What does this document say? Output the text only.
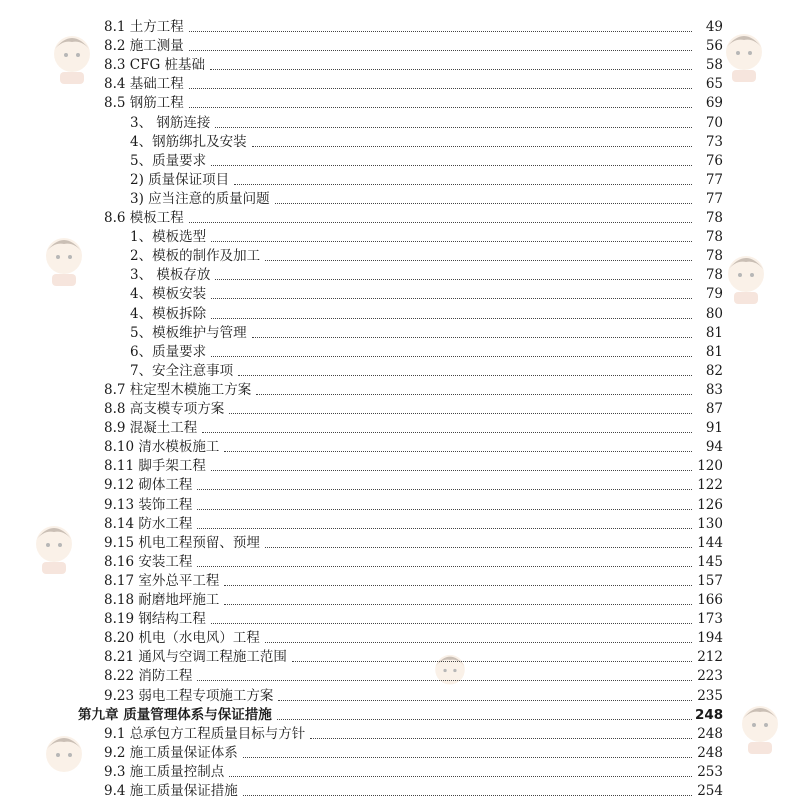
8.1 土方工程	49
8.2 施工测量	56
8.3 CFG 桩基础	58
8.4 基础工程	65
8.5 钢筋工程	69
3、 钢筋连接	70
4、钢筋绑扎及安装	73
5、质量要求	76
2) 质量保证项目	77
3) 应当注意的质量问题	77
8.6 模板工程	78
1、模板选型	78
2、模板的制作及加工	78
3、 模板存放	78
4、模板安装	79
4、模板拆除	80
5、模板维护与管理	81
6、质量要求	81
7、安全注意事项	82
8.7 柱定型木模施工方案	83
8.8 高支模专项方案	87
8.9 混凝土工程	91
8.10 清水模板施工	94
8.11 脚手架工程	120
9.12 砌体工程	122
9.13 装饰工程	126
8.14 防水工程	130
9.15 机电工程预留、预埋	144
8.16 安装工程	145
8.17 室外总平工程	157
8.18 耐磨地坪施工	166
8.19 钢结构工程	173
8.20 机电（水电风）工程	194
8.21 通风与空调工程施工范围	212
8.22 消防工程	223
9.23 弱电工程专项施工方案	235
第九章 质量管理体系与保证措施	248
9.1 总承包方工程质量目标与方针	248
9.2 施工质量保证体系	248
9.3 施工质量控制点	253
9.4 施工质量保证措施	254
